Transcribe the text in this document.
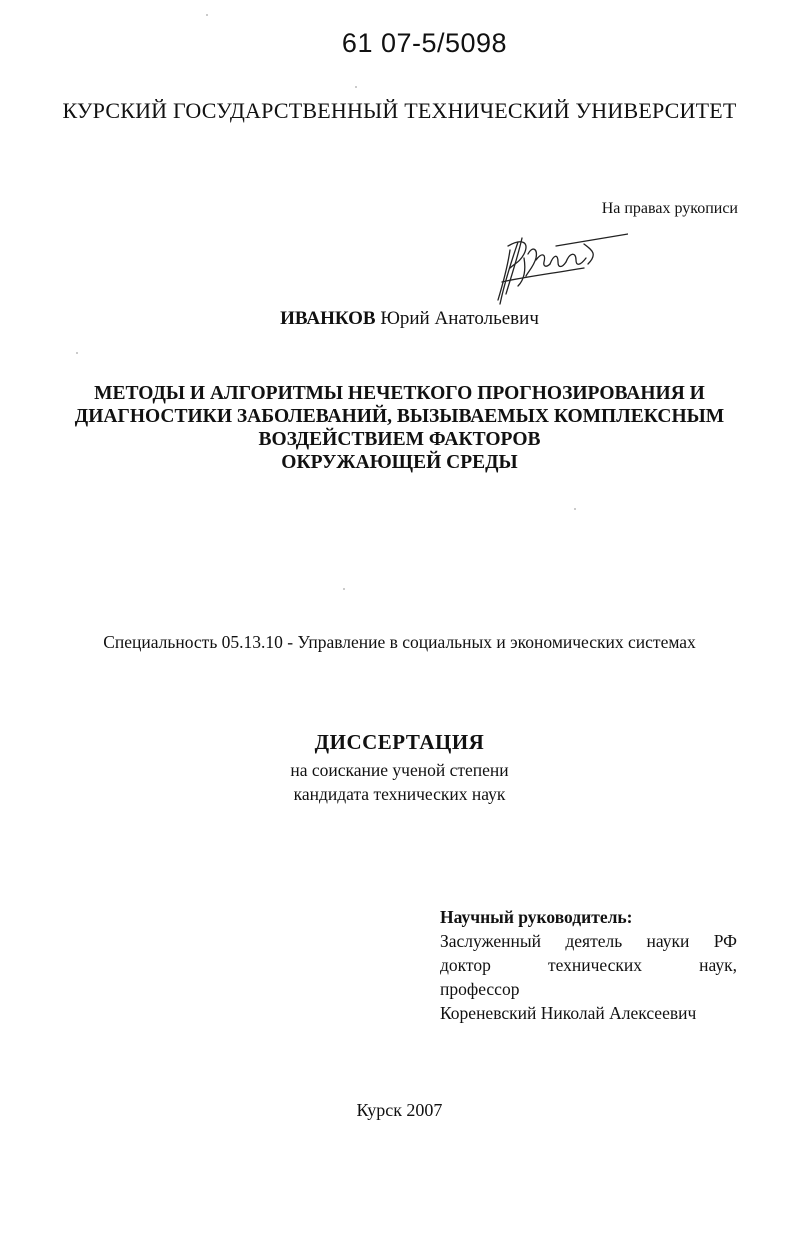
61 07-5/5098
КУРСКИЙ ГОСУДАРСТВЕННЫЙ ТЕХНИЧЕСКИЙ УНИВЕРСИТЕТ
На правах рукописи
ИВАНКОВ Юрий Анатольевич
МЕТОДЫ И АЛГОРИТМЫ НЕЧЕТКОГО ПРОГНОЗИРОВАНИЯ И
ДИАГНОСТИКИ ЗАБОЛЕВАНИЙ, ВЫЗЫВАЕМЫХ КОМПЛЕКСНЫМ
ВОЗДЕЙСТВИЕМ ФАКТОРОВ
ОКРУЖАЮЩЕЙ СРЕДЫ
Специальность 05.13.10 - Управление в социальных и экономических системах
ДИССЕРТАЦИЯ
на соискание ученой степени
кандидата технических наук
Научный руководитель:
Заслуженный деятель науки РФ
доктор	технических	наук,
профессор
Кореневский Николай Алексеевич
Курск 2007
